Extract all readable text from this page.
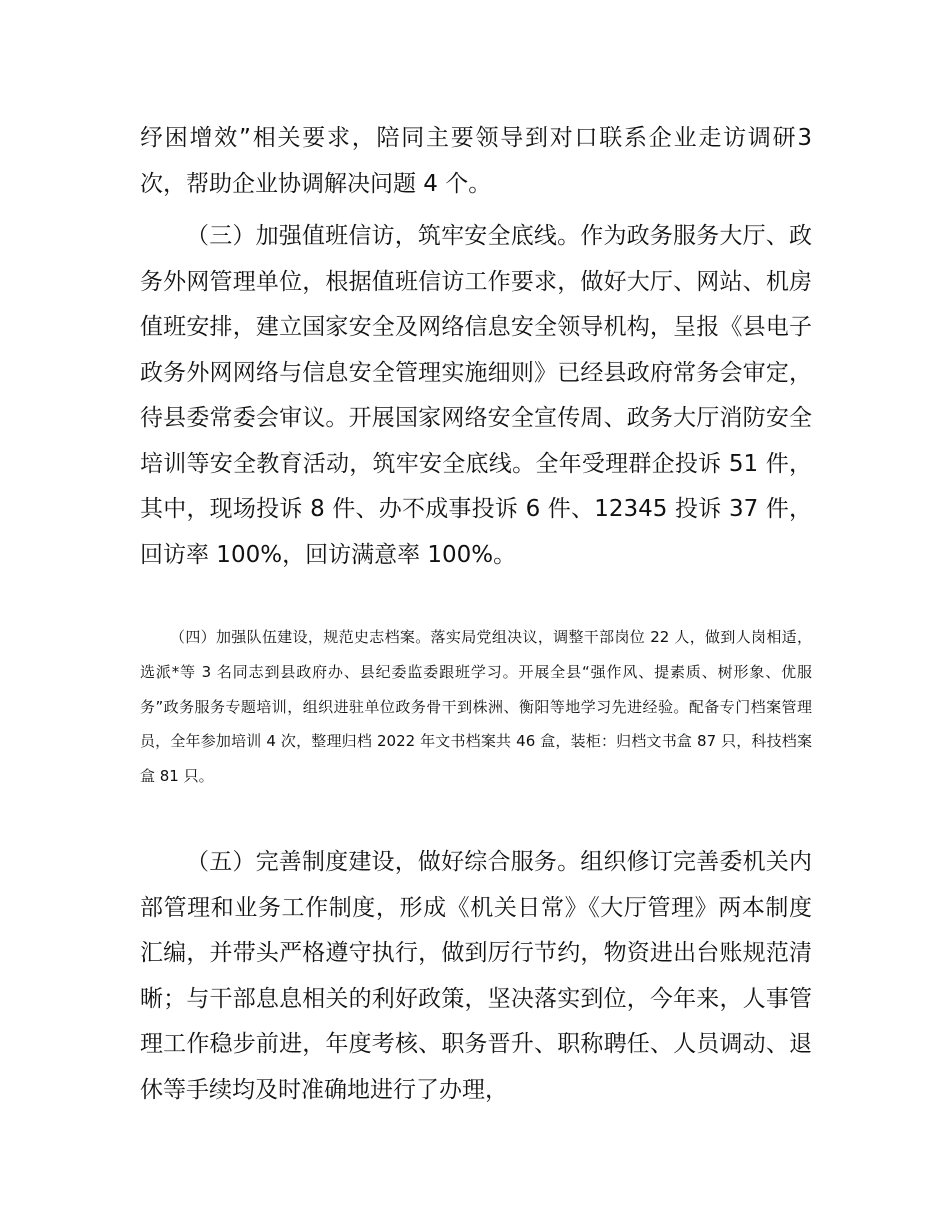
纾困增效”相关要求，陪同主要领导到对口联系企业走访调研3 次，帮助企业协调解决问题 4 个。

（三）加强值班信访，筑牢安全底线。作为政务服务大厅、政务外网管理单位，根据值班信访工作要求，做好大厅、网站、机房值班安排，建立国家安全及网络信息安全领导机构，呈报《县电子政务外网网络与信息安全管理实施细则》已经县政府常务会审定，待县委常委会审议。开展国家网络安全宣传周、政务大厅消防安全培训等安全教育活动，筑牢安全底线。全年受理群企投诉 51 件，其中，现场投诉 8 件、办不成事投诉 6 件、12345 投诉 37 件，回访率 100%，回访满意率 100%。

（四）加强队伍建设，规范史志档案。落实局党组决议，调整干部岗位 22 人，做到人岗相适，选派*等 3 名同志到县政府办、县纪委监委跟班学习。开展全县“强作风、提素质、树形象、优服务”政务服务专题培训，组织进驻单位政务骨干到株洲、衡阳等地学习先进经验。配备专门档案管理员，全年参加培训 4 次，整理归档 2022 年文书档案共 46 盒，装柜：归档文书盒 87 只，科技档案盒 81 只。

（五）完善制度建设，做好综合服务。组织修订完善委机关内部管理和业务工作制度，形成《机关日常》《大厅管理》两本制度汇编，并带头严格遵守执行，做到厉行节约，物资进出台账规范清晰；与干部息息相关的利好政策，坚决落实到位，今年来，人事管理工作稳步前进，年度考核、职务晋升、职称聘任、人员调动、退休等手续均及时准确地进行了办理，
